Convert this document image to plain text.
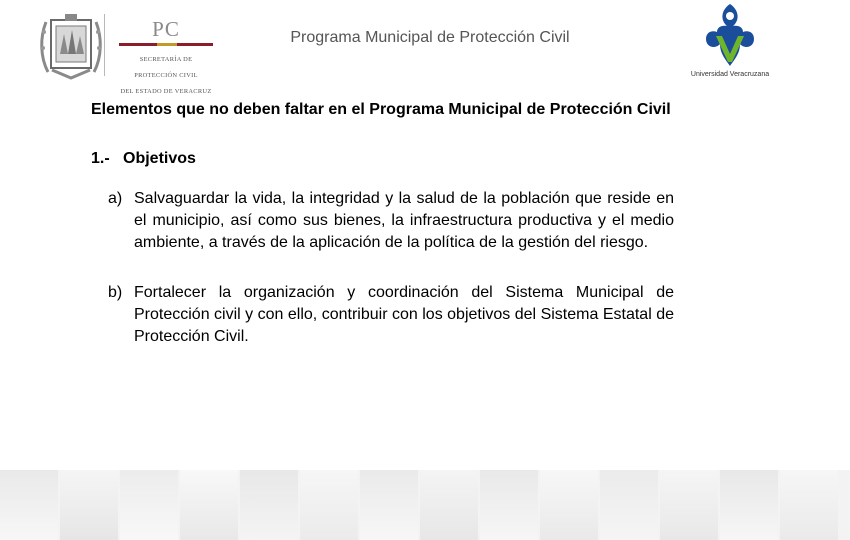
PC

SECRETARÍA DE

PROTECCIÓN CIVIL

DEL ESTADO DE VERACRUZ

Programa Municipal de Protección Civil
Universidad Veracruzana

Elementos que no deben faltar en el Programa Municipal de Protección Civil

1.- Objetivos
a) Salvaguardar la vida, la integridad y la salud de la población que reside en el municipio, así como sus bienes, la infraestructura productiva y el medio ambiente, a través de la aplicación de la política de la gestión del riesgo.
b) Fortalecer la organización y coordinación del Sistema Municipal de Protección civil y con ello, contribuir con los objetivos del Sistema Estatal de Protección Civil.
